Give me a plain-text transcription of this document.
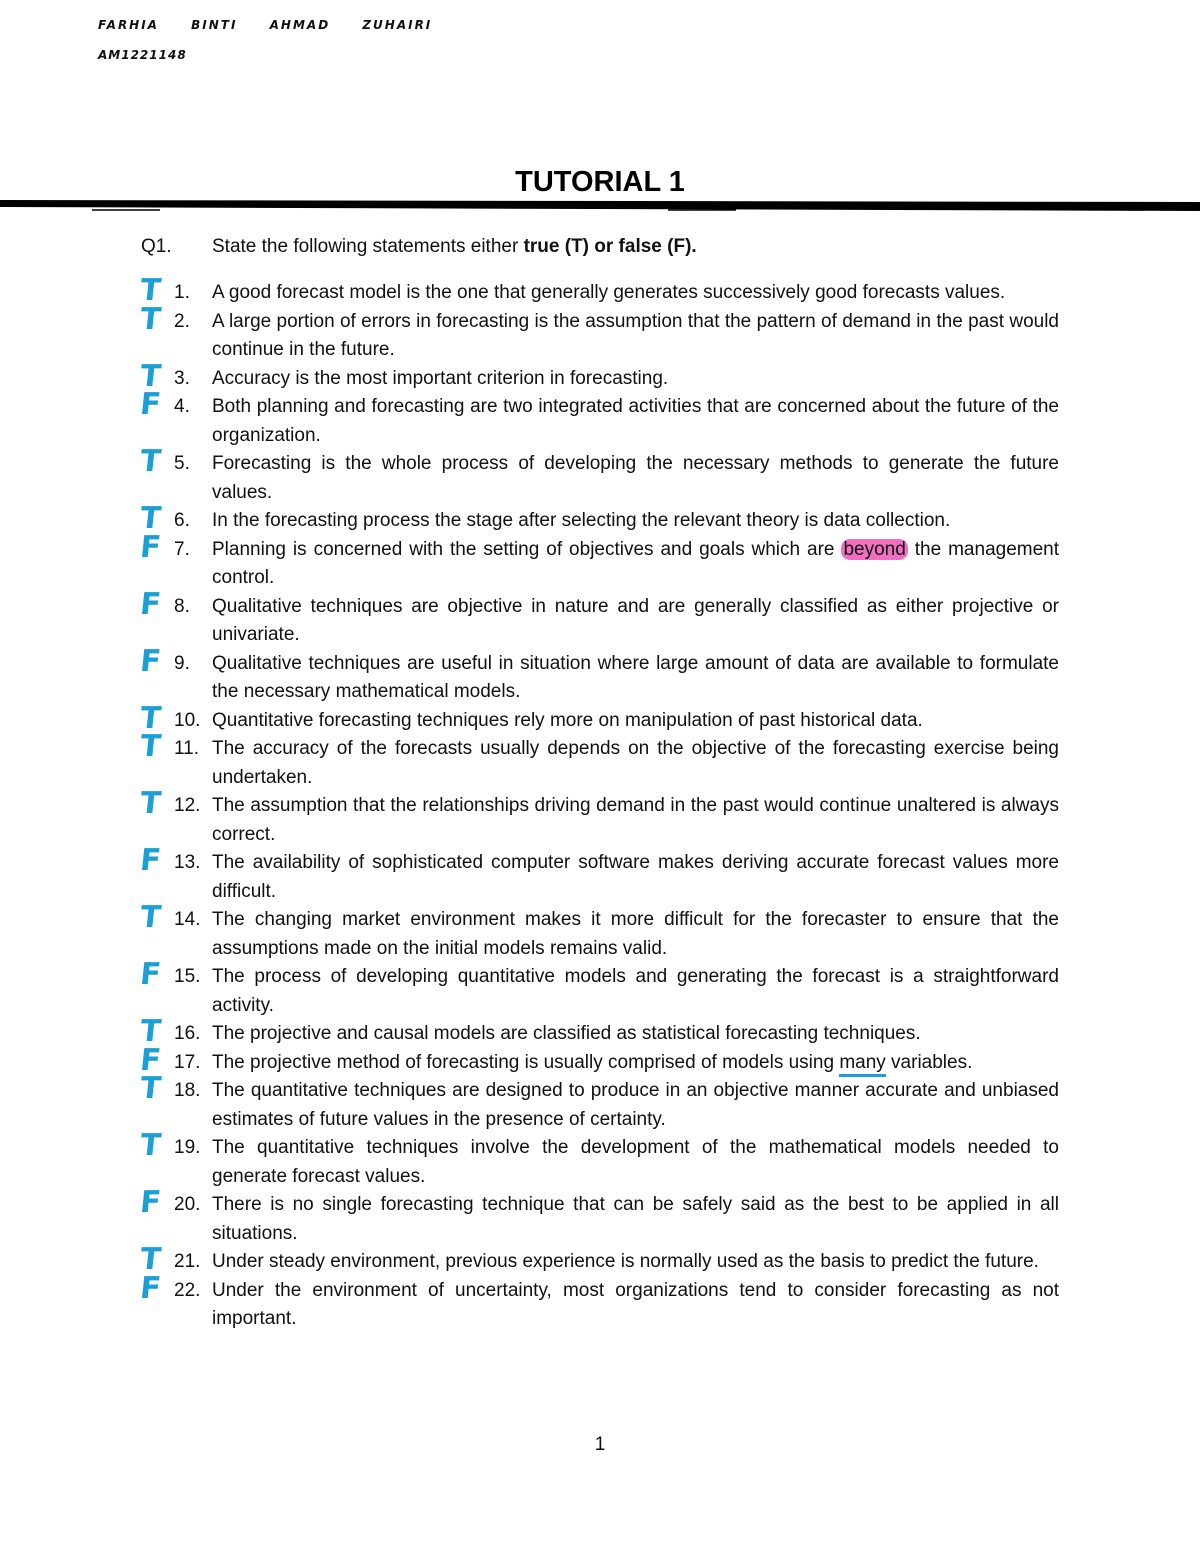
FARHIA BINTI AHMAD ZUHAIRI
AM1221148
TUTORIAL 1
Q1. State the following statements either true (T) or false (F).
T 1.	A good forecast model is the one that generally generates successively good forecasts values.
T 2.	A large portion of errors in forecasting is the assumption that the pattern of demand in the past would continue in the future.
T 3.	Accuracy is the most important criterion in forecasting.
F 4.	Both planning and forecasting are two integrated activities that are concerned about the future of the organization.
T 5.	Forecasting is the whole process of developing the necessary methods to generate the future values.
T 6.	In the forecasting process the stage after selecting the relevant theory is data collection.
F 7.	Planning is concerned with the setting of objectives and goals which are beyond the management control.
F 8.	Qualitative techniques are objective in nature and are generally classified as either projective or univariate.
F 9.	Qualitative techniques are useful in situation where large amount of data are available to formulate the necessary mathematical models.
T 10. Quantitative forecasting techniques rely more on manipulation of past historical data.
T 11. The accuracy of the forecasts usually depends on the objective of the forecasting exercise being undertaken.
T 12. The assumption that the relationships driving demand in the past would continue unaltered is always correct.
F 13. The availability of sophisticated computer software makes deriving accurate forecast values more difficult.
T 14. The changing market environment makes it more difficult for the forecaster to ensure that the assumptions made on the initial models remains valid.
F 15. The process of developing quantitative models and generating the forecast is a straightforward activity.
T 16. The projective and causal models are classified as statistical forecasting techniques.
F 17. The projective method of forecasting is usually comprised of models using many variables.
T 18. The quantitative techniques are designed to produce in an objective manner accurate and unbiased estimates of future values in the presence of certainty.
T 19. The quantitative techniques involve the development of the mathematical models needed to generate forecast values.
F 20. There is no single forecasting technique that can be safely said as the best to be applied in all situations.
T 21. Under steady environment, previous experience is normally used as the basis to predict the future.
F 22. Under the environment of uncertainty, most organizations tend to consider forecasting as not important.
1
